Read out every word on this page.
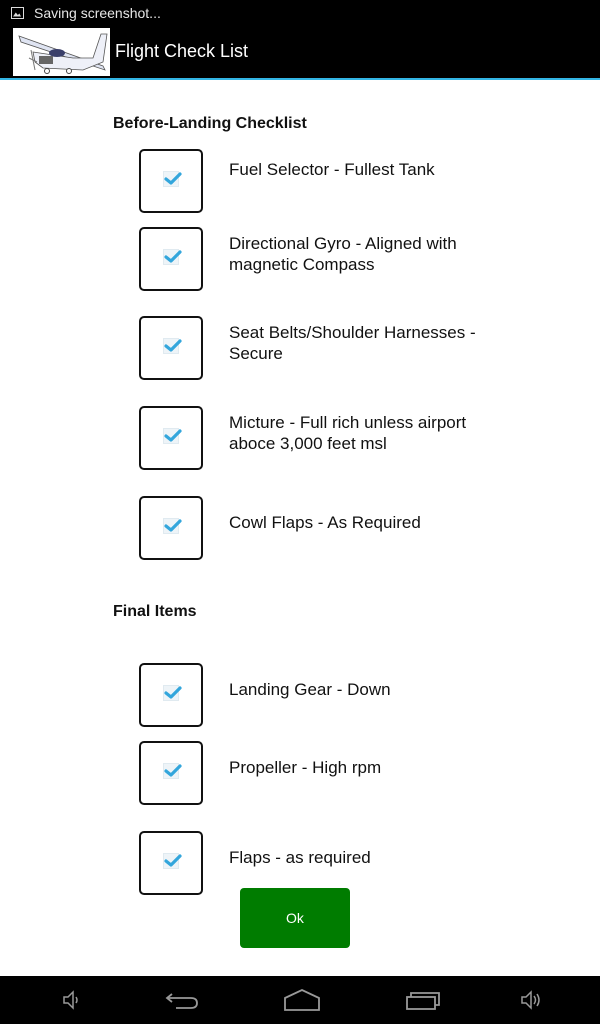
Saving screenshot...
Flight Check List
Before-Landing Checklist
Fuel Selector - Fullest Tank
Directional Gyro - Aligned with magnetic Compass
Seat Belts/Shoulder Harnesses - Secure
Micture - Full rich unless airport aboce 3,000 feet msl
Cowl Flaps - As Required
Final Items
Landing Gear - Down
Propeller - High rpm
Flaps - as required
Ok
